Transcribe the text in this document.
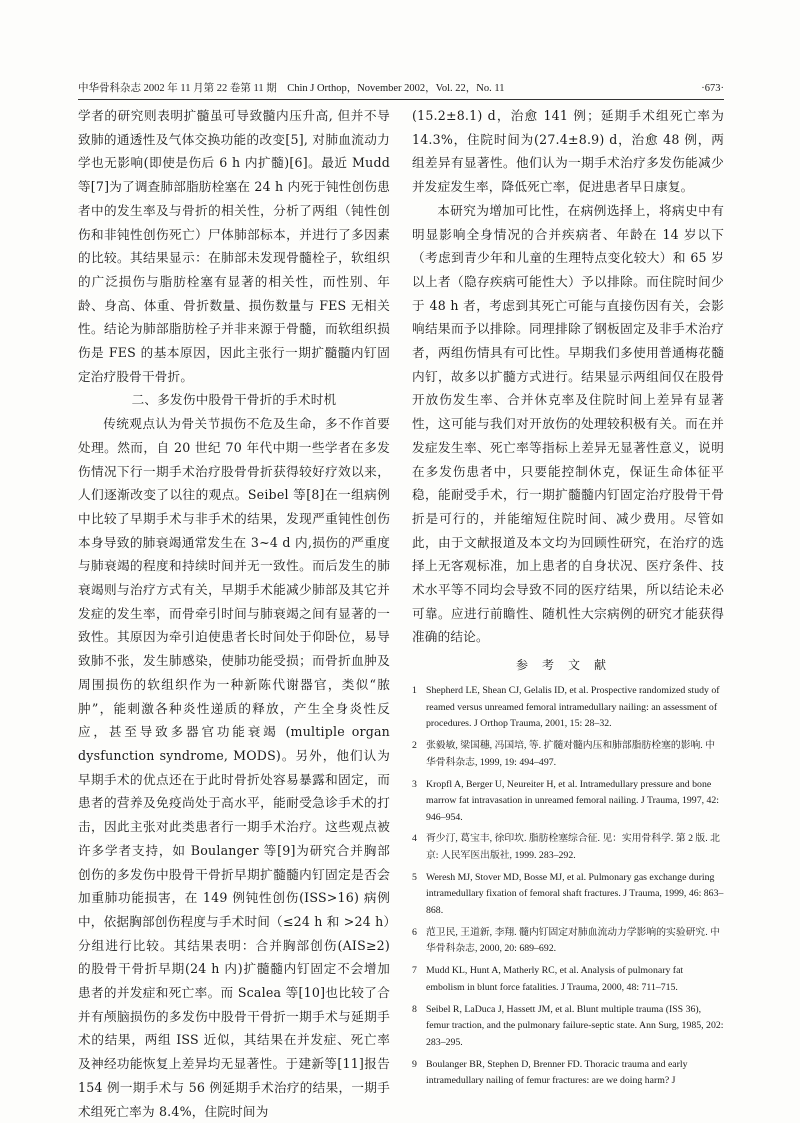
中华骨科杂志 2002 年 11 月第 22 卷第 11 期　Chin J Orthop，November 2002，Vol. 22，No. 11	·673·

学者的研究则表明扩髓虽可导致髓内压升高, 但并不导致肺的通透性及气体交换功能的改变[5], 对肺血流动力学也无影响(即使是伤后 6 h 内扩髓)[6]。最近 Mudd 等[7]为了调查肺部脂肪栓塞在 24 h 内死于钝性创伤患者中的发生率及与骨折的相关性，分析了两组（钝性创伤和非钝性创伤死亡）尸体肺部标本，并进行了多因素的比较。其结果显示：在肺部未发现骨髓栓子，软组织的广泛损伤与脂肪栓塞有显著的相关性，而性别、年龄、身高、体重、骨折数量、损伤数量与 FES 无相关性。结论为肺部脂肪栓子并非来源于骨髓，而软组织损伤是 FES 的基本原因，因此主张行一期扩髓髓内钉固定治疗股骨干骨折。

二、多发伤中股骨干骨折的手术时机

传统观点认为骨关节损伤不危及生命，多不作首要处理。然而，自 20 世纪 70 年代中期一些学者在多发伤情况下行一期手术治疗股骨骨折获得较好疗效以来，人们逐渐改变了以往的观点。Seibel 等[8]在一组病例中比较了早期手术与非手术的结果，发现严重钝性创伤本身导致的肺衰竭通常发生在 3~4 d 内,损伤的严重度与肺衰竭的程度和持续时间并无一致性。而后发生的肺衰竭则与治疗方式有关，早期手术能减少肺部及其它并发症的发生率，而骨牵引时间与肺衰竭之间有显著的一致性。其原因为牵引迫使患者长时间处于仰卧位，易导致肺不张，发生肺感染，使肺功能受损；而骨折血肿及周围损伤的软组织作为一种新陈代谢器官，类似“脓肿”，能刺激各种炎性递质的释放，产生全身炎性反应，甚至导致多器官功能衰竭 (multiple organ dysfunction syndrome, MODS)。另外，他们认为早期手术的优点还在于此时骨折处容易暴露和固定，而患者的营养及免疫尚处于高水平，能耐受急诊手术的打击，因此主张对此类患者行一期手术治疗。这些观点被许多学者支持，如 Boulanger 等[9]为研究合并胸部创伤的多发伤中股骨干骨折早期扩髓髓内钉固定是否会加重肺功能损害，在 149 例钝性创伤(ISS>16) 病例中，依据胸部创伤程度与手术时间（≤24 h 和 >24 h）分组进行比较。其结果表明：合并胸部创伤(AIS≥2) 的股骨干骨折早期(24 h 内)扩髓髓内钉固定不会增加患者的并发症和死亡率。而 Scalea 等[10]也比较了合并有颅脑损伤的多发伤中股骨干骨折一期手术与延期手术的结果，两组 ISS 近似，其结果在并发症、死亡率及神经功能恢复上差异均无显著性。于建新等[11]报告 154 例一期手术与 56 例延期手术治疗的结果，一期手术组死亡率为 8.4%，住院时间为

(15.2±8.1) d，治愈 141 例；延期手术组死亡率为 14.3%，住院时间为(27.4±8.9) d，治愈 48 例，两组差异有显著性。他们认为一期手术治疗多发伤能减少并发症发生率，降低死亡率，促进患者早日康复。

本研究为增加可比性，在病例选择上，将病史中有明显影响全身情况的合并疾病者、年龄在 14 岁以下（考虑到青少年和儿童的生理特点变化较大）和 65 岁以上者（隐存疾病可能性大）予以排除。而住院时间少于 48 h 者，考虑到其死亡可能与直接伤因有关，会影响结果而予以排除。同理排除了钢板固定及非手术治疗者，两组伤情具有可比性。早期我们多使用普通梅花髓内钉，故多以扩髓方式进行。结果显示两组间仅在股骨开放伤发生率、合并休克率及住院时间上差异有显著性，这可能与我们对开放伤的处理较积极有关。而在并发症发生率、死亡率等指标上差异无显著性意义，说明在多发伤患者中，只要能控制休克，保证生命体征平稳，能耐受手术，行一期扩髓髓内钉固定治疗股骨干骨折是可行的，并能缩短住院时间、减少费用。尽管如此，由于文献报道及本文均为回顾性研究，在治疗的选择上无客观标准，加上患者的自身状况、医疗条件、技术水平等不同均会导致不同的医疗结果，所以结论未必可靠。应进行前瞻性、随机性大宗病例的研究才能获得准确的结论。

参考文献
1 Shepherd LE, Shean CJ, Gelalis ID, et al. Prospective randomized study of reamed versus unreamed femoral intramedullary nailing: an assessment of procedures. J Orthop Trauma, 2001, 15: 28–32.
2 张毅敏, 梁国穗, 冯国培, 等. 扩髓对髓内压和肺部脂肪栓塞的影响. 中华骨科杂志, 1999, 19: 494–497.
3 Kropfl A, Berger U, Neureiter H, et al. Intramedullary pressure and bone marrow fat intravasation in unreamed femoral nailing. J Trauma, 1997, 42: 946–954.
4 胥少汀, 葛宝丰, 徐印坎. 脂肪栓塞综合征. 见：实用骨科学. 第 2 版. 北京: 人民军医出版社, 1999. 283–292.
5 Weresh MJ, Stover MD, Bosse MJ, et al. Pulmonary gas exchange during intramedullary fixation of femoral shaft fractures. J Trauma, 1999, 46: 863–868.
6 范卫民, 王道新, 李翔. 髓内钉固定对肺血流动力学影响的实验研究. 中华骨科杂志, 2000, 20: 689–692.
7 Mudd KL, Hunt A, Matherly RC, et al. Analysis of pulmonary fat embolism in blunt force fatalities. J Trauma, 2000, 48: 711–715.
8 Seibel R, LaDuca J, Hassett JM, et al. Blunt multiple trauma (ISS 36), femur traction, and the pulmonary failure-septic state. Ann Surg, 1985, 202: 283–295.
9 Boulanger BR, Stephen D, Brenner FD. Thoracic trauma and early intramedullary nailing of femur fractures: are we doing harm? J
